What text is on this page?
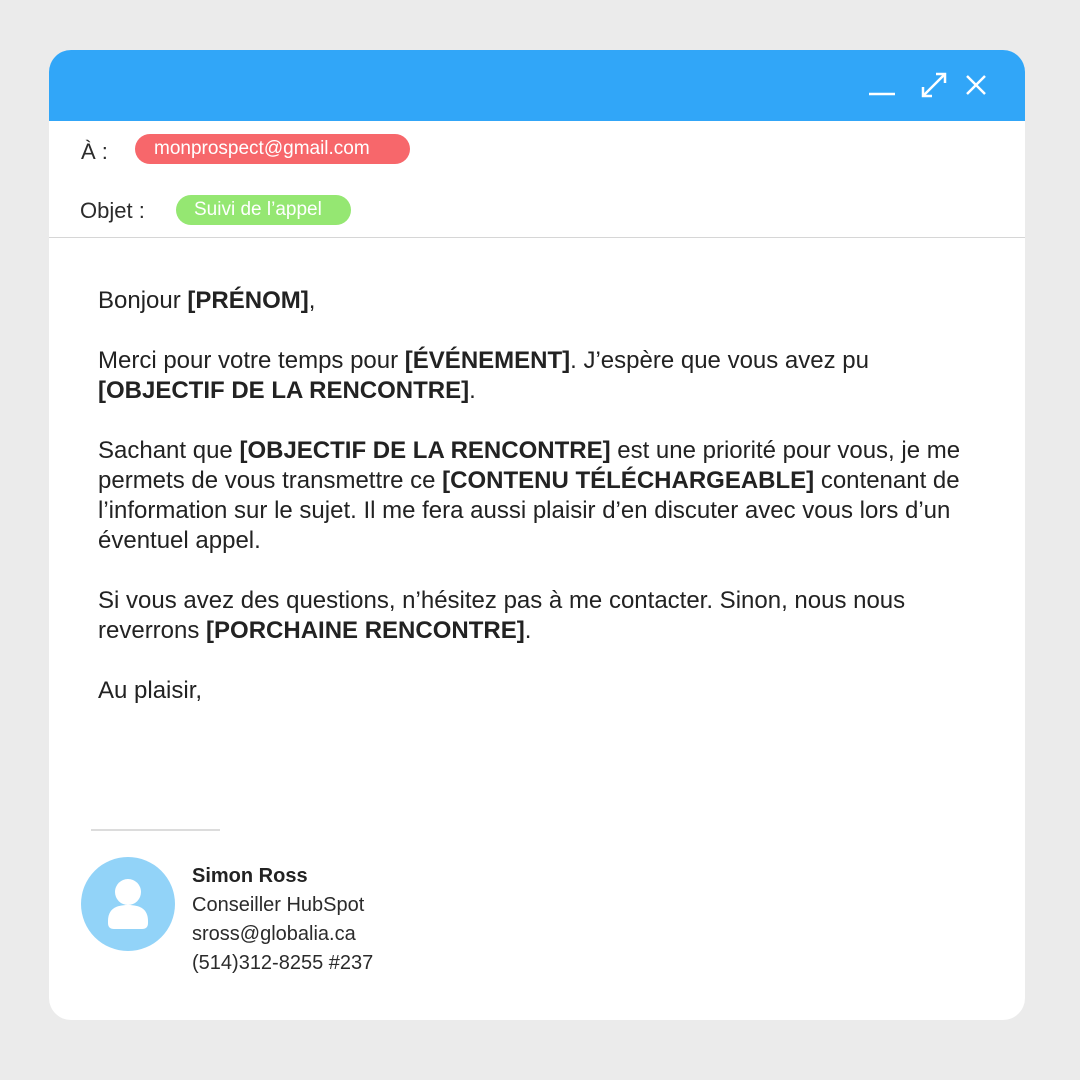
À :	monprospect@gmail.com
Objet :	Suivi de l’appel

Bonjour [PRÉNOM],

Merci pour votre temps pour [ÉVÉNEMENT]. J’espère que vous avez pu
[OBJECTIF DE LA RENCONTRE].

Sachant que [OBJECTIF DE LA RENCONTRE] est une priorité pour vous, je me permets de vous transmettre ce [CONTENU TÉLÉCHARGEABLE] contenant de l’information sur le sujet. Il me fera aussi plaisir d’en discuter avec vous lors d’un éventuel appel.

Si vous avez des questions, n’hésitez pas à me contacter. Sinon, nous nous reverrons [PORCHAINE RENCONTRE].

Au plaisir,

Simon Ross
Conseiller HubSpot
sross@globalia.ca
(514)312-8255 #237
